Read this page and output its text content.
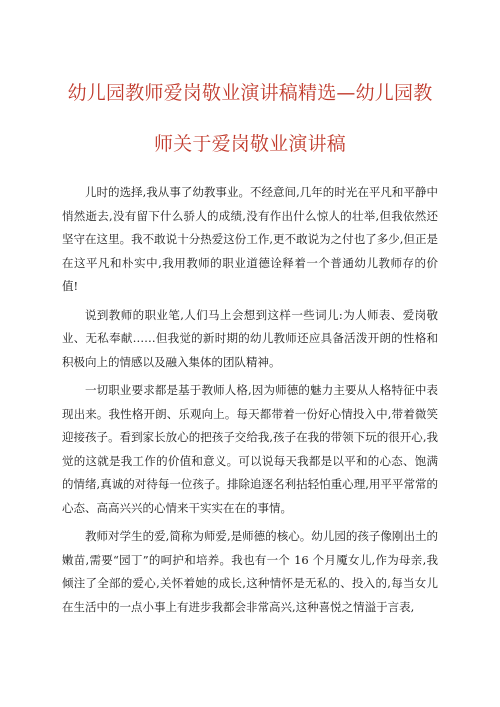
幼儿园教师爱岗敬业演讲稿精选—幼儿园教
师关于爱岗敬业演讲稿

儿时的选择,我从事了幼教事业。不经意间,几年的时光在平凡和平静中悄然逝去,没有留下什么骄人的成绩,没有作出什么惊人的壮举,但我依然还坚守在这里。我不敢说十分热爱这份工作,更不敢说为之付也了多少,但正是在这平凡和朴实中,我用教师的职业道德诠释着一个普通幼儿教师存的价值!

说到教师的职业笔,人们马上会想到这样一些词儿:为人师表、爱岗敬业、无私奉献……但我觉的新时期的幼儿教师还应具备活泼开朗的性格和积极向上的情感以及融入集体的团队精神。

一切职业要求都是基于教师人格,因为师德的魅力主要从人格特征中表现出来。我性格开朗、乐观向上。每天都带着一份好心情投入中,带着微笑迎接孩子。看到家长放心的把孩子交给我,孩子在我的带领下玩的很开心,我觉的这就是我工作的价值和意义。可以说每天我都是以平和的心态、饱满的情绪,真诚的对待每一位孩子。排除追逐名利拈轻怕重心理,用平平常常的心态、高高兴兴的心情来干实实在在的事情。

教师对学生的爱,简称为师爱,是师德的核心。幼儿园的孩子像刚出土的嫩苗,需要“园丁”的呵护和培养。我也有一个 16 个月魇女儿,作为母亲,我倾注了全部的爱心,关怀着她的成长,这种情怀是无私的、投入的,每当女儿在生活中的一点小事上有进步我都会非常高兴,这种喜悦之情溢于言表,
